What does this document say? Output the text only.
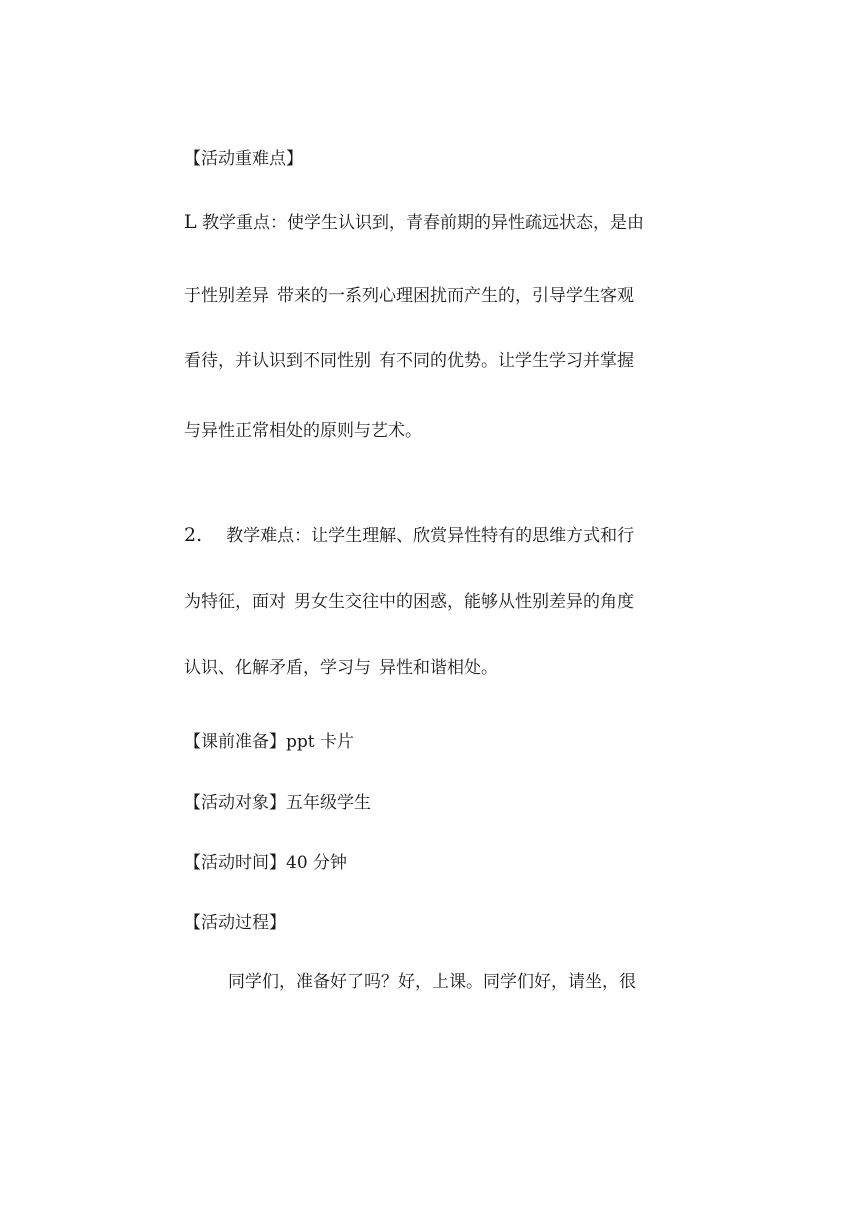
【活动重难点】

L 教学重点：使学生认识到，青春前期的异性疏远状态，是由

于性别差异 带来的一系列心理困扰而产生的，引导学生客观

看待，并认识到不同性别 有不同的优势。让学生学习并掌握

与异性正常相处的原则与艺术。

2. 教学难点：让学生理解、欣赏异性特有的思维方式和行

为特征，面对 男女生交往中的困惑，能够从性别差异的角度

认识、化解矛盾，学习与 异性和谐相处。

【课前准备】ppt 卡片

【活动对象】五年级学生

【活动时间】40 分钟

【活动过程】

同学们，准备好了吗？好，上课。同学们好，请坐，很
